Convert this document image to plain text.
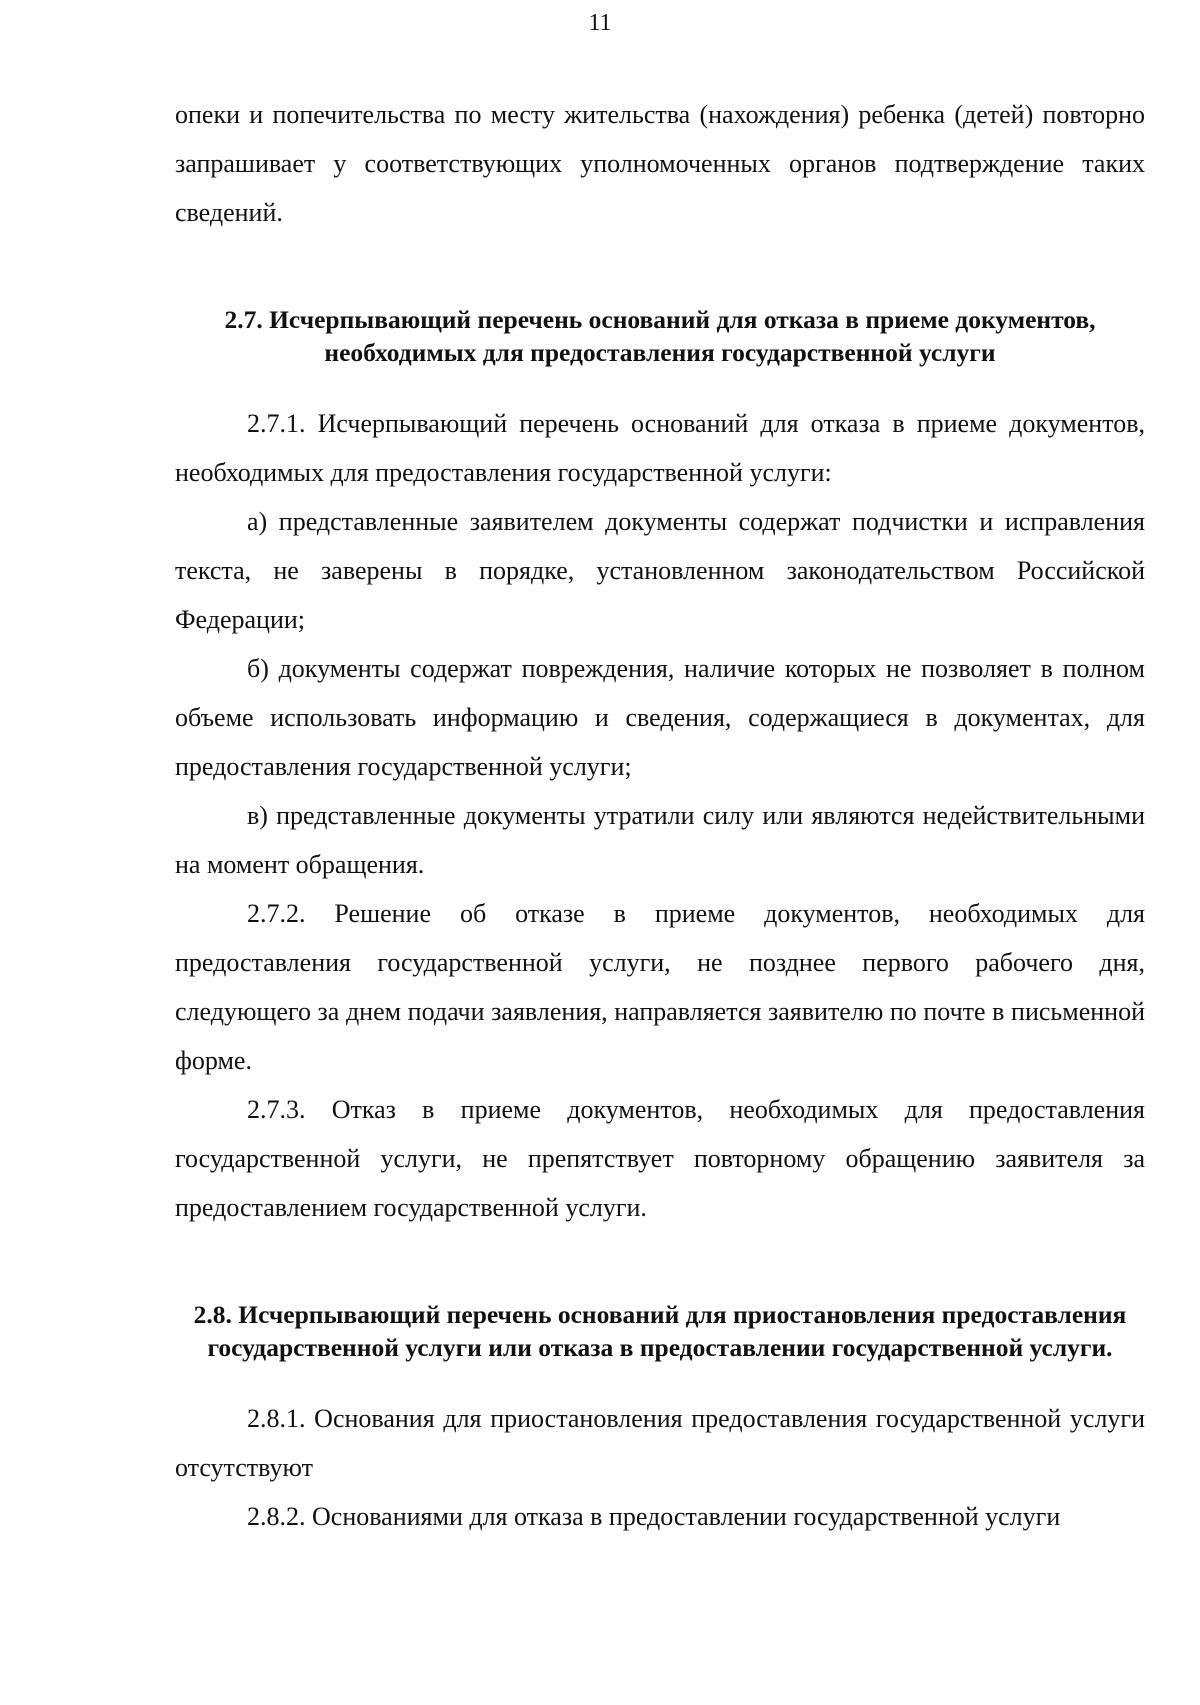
11

опеки и попечительства по месту жительства (нахождения) ребенка (детей) повторно запрашивает у соответствующих уполномоченных органов подтверждение таких сведений.

2.7. Исчерпывающий перечень оснований для отказа в приеме документов, необходимых для предоставления государственной услуги

2.7.1. Исчерпывающий перечень оснований для отказа в приеме документов, необходимых для предоставления государственной услуги:

а) представленные заявителем документы содержат подчистки и исправления текста, не заверены в порядке, установленном законодательством Российской Федерации;

б) документы содержат повреждения, наличие которых не позволяет в полном объеме использовать информацию и сведения, содержащиеся в документах, для предоставления государственной услуги;

в) представленные документы утратили силу или являются недействительными на момент обращения.

2.7.2. Решение об отказе в приеме документов, необходимых для предоставления государственной услуги, не позднее первого рабочего дня, следующего за днем подачи заявления, направляется заявителю по почте в письменной форме.

2.7.3. Отказ в приеме документов, необходимых для предоставления государственной услуги, не препятствует повторному обращению заявителя за предоставлением государственной услуги.

2.8. Исчерпывающий перечень оснований для приостановления предоставления государственной услуги или отказа в предоставлении государственной услуги.

2.8.1. Основания для приостановления предоставления государственной услуги отсутствуют

2.8.2. Основаниями для отказа в предоставлении государственной услуги
